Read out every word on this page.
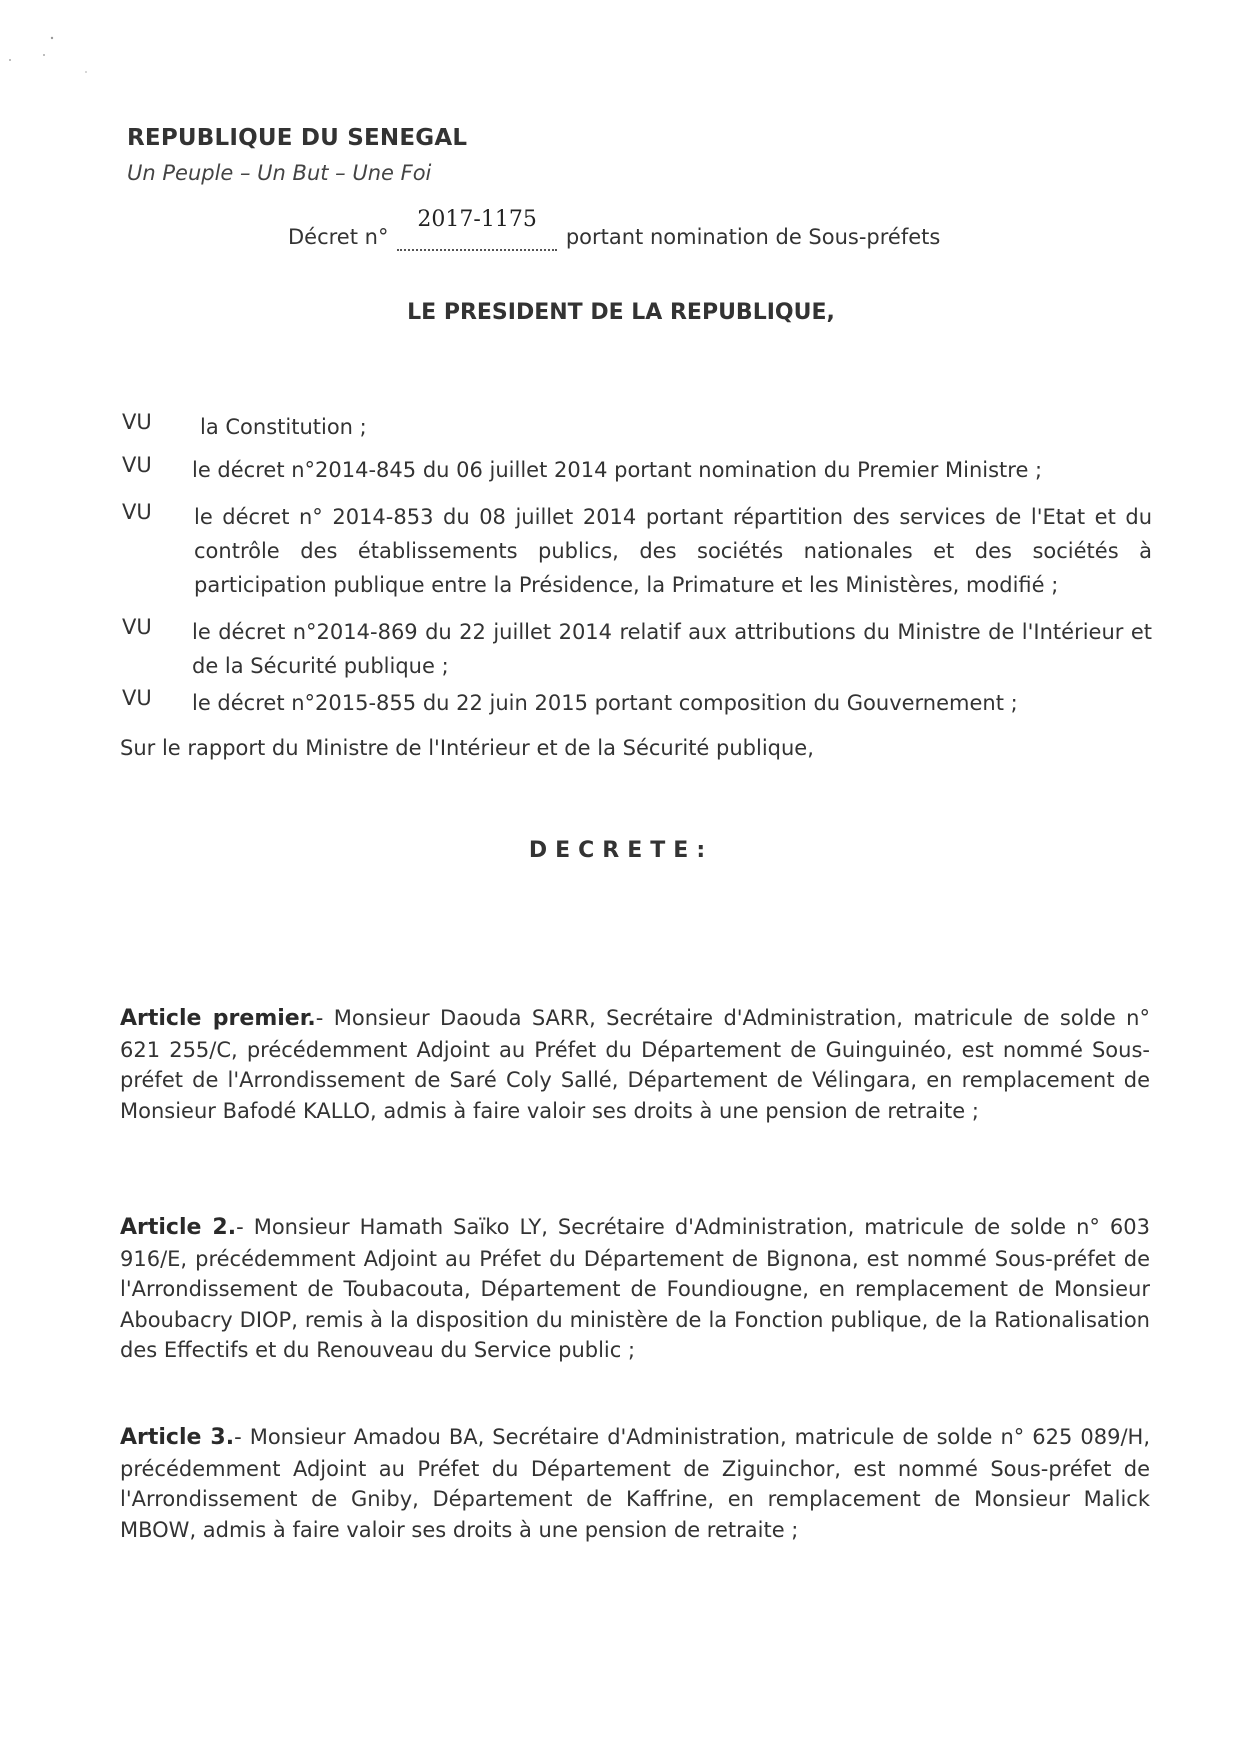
REPUBLIQUE DU SENEGAL
Un Peuple – Un But – Une Foi
Décret n°
2017-1175
portant nomination de Sous-préfets
LE PRESIDENT DE LA REPUBLIQUE,
VU la Constitution ;
VU le décret n°2014-845 du 06 juillet 2014 portant nomination du Premier Ministre ;
VU le décret n° 2014-853 du 08 juillet 2014 portant répartition des services de l'Etat et du contrôle des établissements publics, des sociétés nationales et des sociétés à participation publique entre la Présidence, la Primature et les Ministères, modifié ;
VU le décret n°2014-869 du 22 juillet 2014 relatif aux attributions du Ministre de l'Intérieur et de la Sécurité publique ;
VU le décret n°2015-855 du 22 juin 2015 portant composition du Gouvernement ;
Sur le rapport du Ministre de l'Intérieur et de la Sécurité publique,
DECRETE:
Article premier.- Monsieur Daouda SARR, Secrétaire d'Administration, matricule de solde n° 621 255/C, précédemment Adjoint au Préfet du Département de Guinguinéo, est nommé Sous-préfet de l'Arrondissement de Saré Coly Sallé, Département de Vélingara, en remplacement de Monsieur Bafodé KALLO, admis à faire valoir ses droits à une pension de retraite ;
Article 2.- Monsieur Hamath Saïko LY, Secrétaire d'Administration, matricule de solde n° 603 916/E, précédemment Adjoint au Préfet du Département de Bignona, est nommé Sous-préfet de l'Arrondissement de Toubacouta, Département de Foundiougne, en remplacement de Monsieur Aboubacry DIOP, remis à la disposition du ministère de la Fonction publique, de la Rationalisation des Effectifs et du Renouveau du Service public ;
Article 3.- Monsieur Amadou BA, Secrétaire d'Administration, matricule de solde n° 625 089/H, précédemment Adjoint au Préfet du Département de Ziguinchor, est nommé Sous-préfet de l'Arrondissement de Gniby, Département de Kaffrine, en remplacement de Monsieur Malick MBOW, admis à faire valoir ses droits à une pension de retraite ;
